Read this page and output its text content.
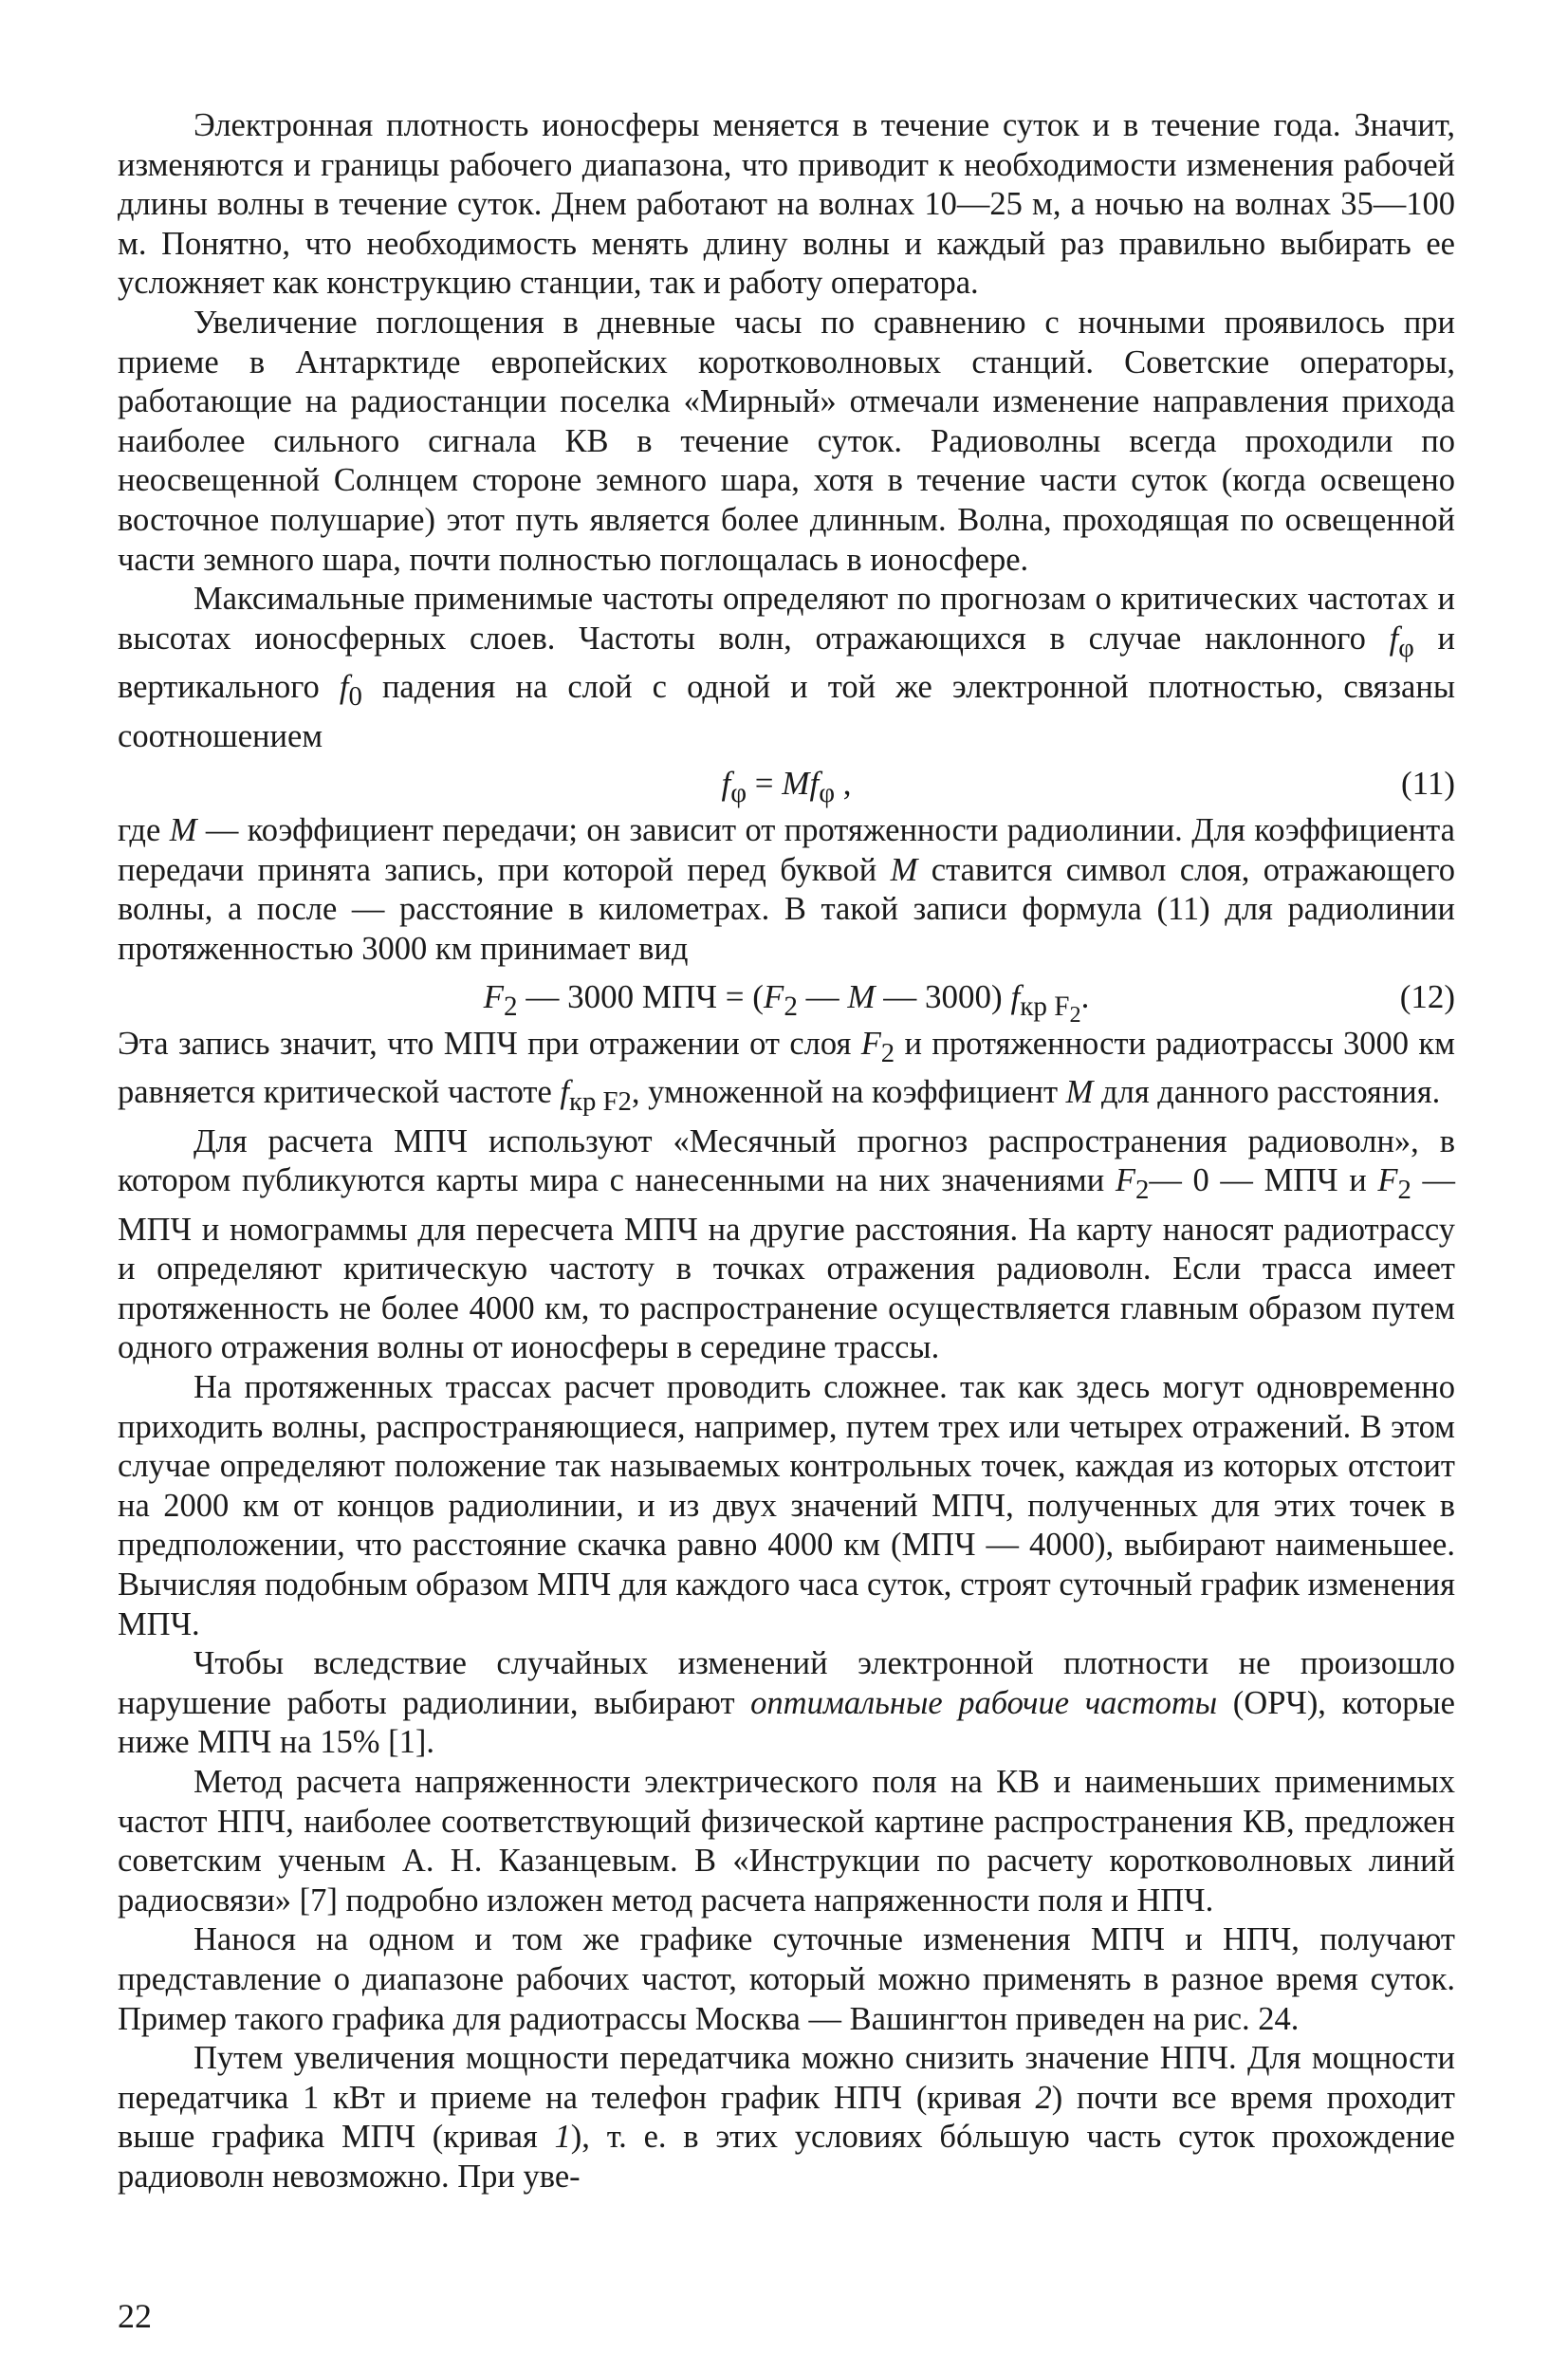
Электронная плотность ионосферы меняется в течение суток и в течение года. Значит, изменяются и границы рабочего диапазона, что приводит к необходимости изменения рабочей длины волны в течение суток. Днем работают на волнах 10—25 м, а ночью на волнах 35—100 м. Понятно, что необходимость менять длину волны и каждый раз правильно выбирать ее усложняет как конструкцию станции, так и работу оператора.

Увеличение поглощения в дневные часы по сравнению с ночными проявилось при приеме в Антарктиде европейских коротковолновых станций. Советские операторы, работающие на радиостанции поселка «Мирный» отмечали изменение направления прихода наиболее сильного сигнала КВ в течение суток. Радиоволны всегда проходили по неосвещенной Солнцем стороне земного шара, хотя в течение части суток (когда освещено восточное полушарие) этот путь является более длинным. Волна, проходящая по освещенной части земного шара, почти полностью поглощалась в ионосфере.

Максимальные применимые частоты определяют по прогнозам о критических частотах и высотах ионосферных слоев. Частоты волн, отражающихся в случае наклонного $f_\varphi$ и вертикального $f_0$ падения на слой с одной и той же электронной плотностью, связаны соотношением

$f_\varphi = Mf_\varphi$ ,	(11)

где M — коэффициент передачи; он зависит от протяженности радиолинии. Для коэффициента передачи принята запись, при которой перед буквой M ставится символ слоя, отражающего волны, а после — расстояние в километрах. В такой записи формула (11) для радиолинии протяженностью 3000 км принимает вид

$F_2$ — 3000 МПЧ = ($F_2$ — M — 3000) $f_{кр F_2}$.	(12)

Эта запись значит, что МПЧ при отражении от слоя $F_2$ и протяженности радиотрассы 3000 км равняется критической частоте $f_{кр F2}$, умноженной на коэффициент M для данного расстояния.

Для расчета МПЧ используют «Месячный прогноз распространения радиоволн», в котором публикуются карты мира с нанесенными на них значениями $F_2—$ 0 — МПЧ и $F_2$ — МПЧ и номограммы для пересчета МПЧ на другие расстояния. На карту наносят радиотрассу и определяют критическую частоту в точках отражения радиоволн. Если трасса имеет протяженность не более 4000 км, то распространение осуществляется главным образом путем одного отражения волны от ионосферы в середине трассы.

На протяженных трассах расчет проводить сложнее. так как здесь могут одновременно приходить волны, распространяющиеся, например, путем трех или четырех отражений. В этом случае определяют положение так называемых контрольных точек, каждая из которых отстоит на 2000 км от концов радиолинии, и из двух значений МПЧ, полученных для этих точек в предположении, что расстояние скачка равно 4000 км (МПЧ — 4000), выбирают наименьшее. Вычисляя подобным образом МПЧ для каждого часа суток, строят суточный график изменения МПЧ.

Чтобы вследствие случайных изменений электронной плотности не произошло нарушение работы радиолинии, выбирают оптимальные рабочие частоты (ОРЧ), которые ниже МПЧ на 15% [1].

Метод расчета напряженности электрического поля на КВ и наименьших применимых частот НПЧ, наиболее соответствующий физической картине распространения КВ, предложен советским ученым А. Н. Казанцевым. В «Инструкции по расчету коротковолновых линий радиосвязи» [7] подробно изложен метод расчета напряженности поля и НПЧ.

Нанося на одном и том же графике суточные изменения МПЧ и НПЧ, получают представление о диапазоне рабочих частот, который можно применять в разное время суток. Пример такого графика для радиотрассы Москва — Вашингтон приведен на рис. 24.

Путем увеличения мощности передатчика можно снизить значение НПЧ. Для мощности передатчика 1 кВт и приеме на телефон график НПЧ (кривая 2) почти все время проходит выше графика МПЧ (кривая 1), т. е. в этих условиях бóльшую часть суток прохождение радиоволн невозможно. При уве-

22
